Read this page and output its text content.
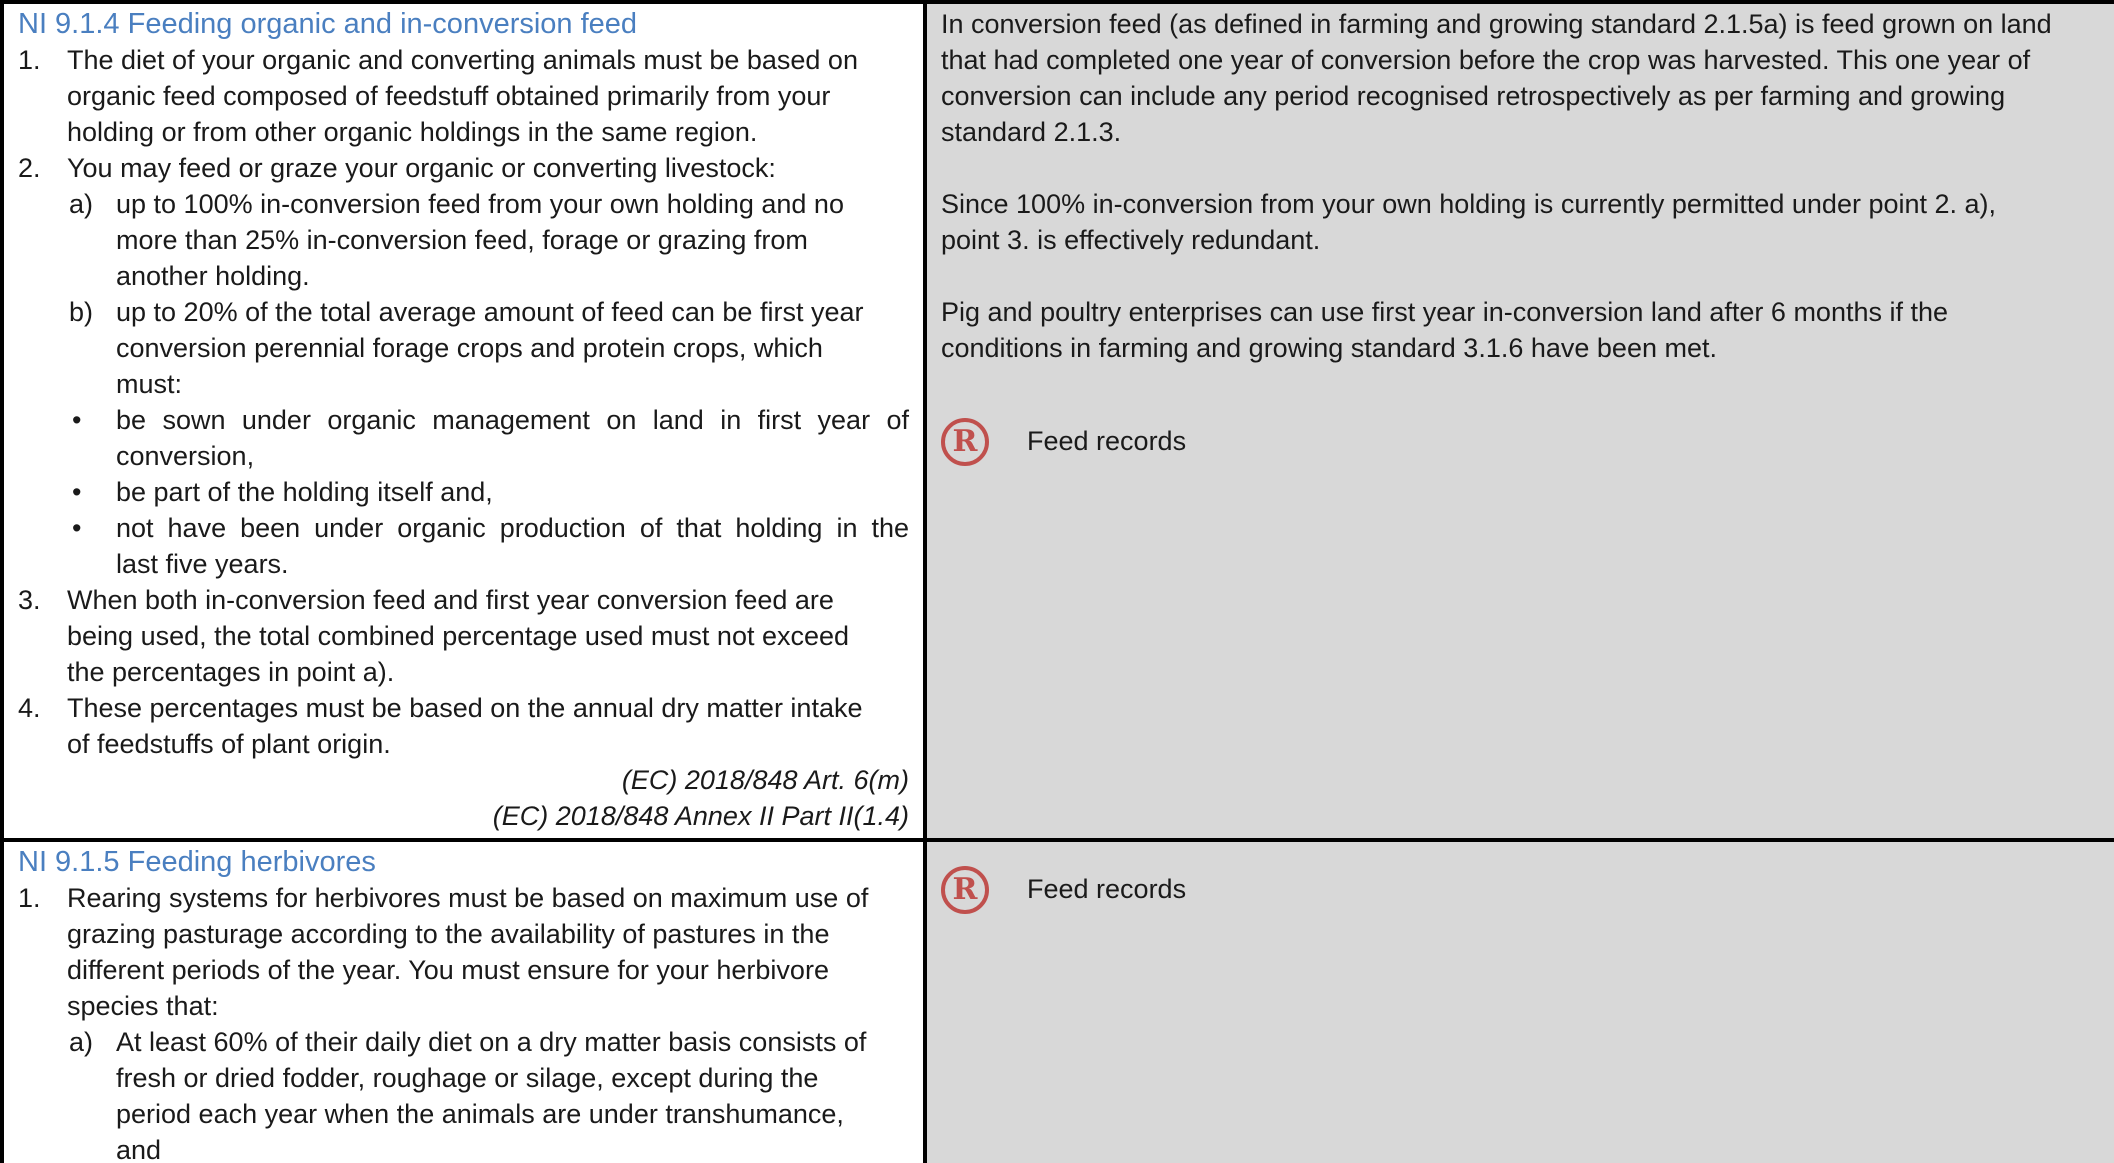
NI 9.1.4 Feeding organic and in-conversion feed
1. The diet of your organic and converting animals must be based on
organic feed composed of feedstuff obtained primarily from your
holding or from other organic holdings in the same region.
2. You may feed or graze your organic or converting livestock:
a) up to 100% in-conversion feed from your own holding and no
more than 25% in-conversion feed, forage or grazing from
another holding.
b) up to 20% of the total average amount of feed can be first year
conversion perennial forage crops and protein crops, which
must:
• be sown under organic management on land in first year of
conversion,
• be part of the holding itself and,
• not have been under organic production of that holding in the
last five years.
3. When both in-conversion feed and first year conversion feed are
being used, the total combined percentage used must not exceed
the percentages in point a).
4. These percentages must be based on the annual dry matter intake
of feedstuffs of plant origin.
(EC) 2018/848 Art. 6(m)
(EC) 2018/848 Annex II Part II(1.4)
In conversion feed (as defined in farming and growing standard 2.1.5a) is feed grown on land
that had completed one year of conversion before the crop was harvested. This one year of
conversion can include any period recognised retrospectively as per farming and growing
standard 2.1.3.
Since 100% in-conversion from your own holding is currently permitted under point 2. a),
point 3. is effectively redundant.
Pig and poultry enterprises can use first year in-conversion land after 6 months if the
conditions in farming and growing standard 3.1.6 have been met.
R	Feed records
NI 9.1.5 Feeding herbivores
1. Rearing systems for herbivores must be based on maximum use of
grazing pasturage according to the availability of pastures in the
different periods of the year. You must ensure for your herbivore
species that:
a) At least 60% of their daily diet on a dry matter basis consists of
fresh or dried fodder, roughage or silage, except during the
period each year when the animals are under transhumance,
and
R	Feed records
